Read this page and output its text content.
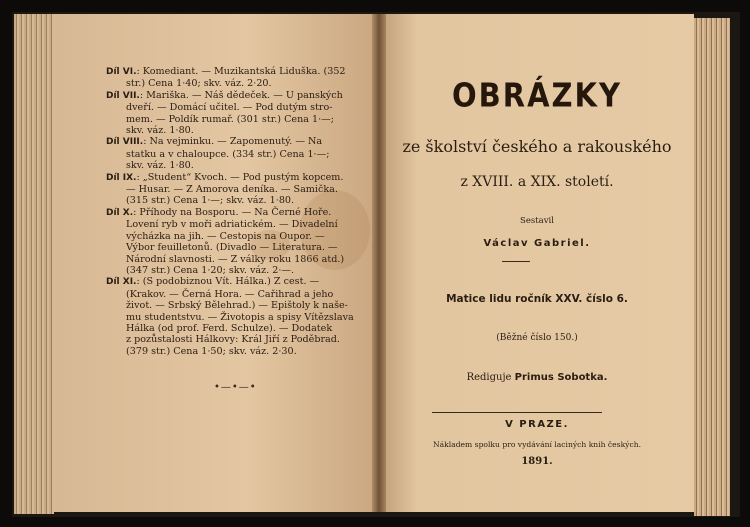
Díl VI.: Komediant. — Muzikantská Liduška. (352
str.) Cena 1·40; skv. váz. 2·20.
Díl VII.: Mariška. — Náš dědeček. — U panských
dveří. — Domácí učitel. — Pod dutým stro-
mem. — Poldík rumař. (301 str.) Cena 1·—;
skv. váz. 1·80.
Díl VIII.: Na vejminku. — Zapomenutý. — Na
statku a v chaloupce. (334 str.) Cena 1·—;
skv. váz. 1·80.
Díl IX.: „Student“ Kvoch. — Pod pustým kopcem.
— Husar. — Z Amorova deníka. — Samička.
(315 str.) Cena 1·—; skv. váz. 1·80.
Díl X.: Příhody na Bosporu. — Na Černé Hoře.
Lovení ryb v moři adriatickém. — Divadelní
výcházka na jih. — Cestopis na Oupor. —
Výbor feuilletonů. (Divadlo — Literatura. —
Národní slavnosti. — Z války roku 1866 atd.)
(347 str.) Cena 1·20; skv. váz. 2·—.
Díl XI.: (S podobiznou Vít. Hálka.) Z cest. —
(Krakov. — Černá Hora. — Cařihrad a jeho
život. — Srbský Bělehrad.) — Epištoly k naše-
mu studentstvu. — Životopis a spisy Vítězslava
Hálka (od prof. Ferd. Schulze). — Dodatek
z pozůstalosti Hálkovy: Král Jiří z Poděbrad.
(379 str.) Cena 1·50; skv. váz. 2·30.
•—•—•
OBRÁZKY
ze školství českého a rakouského
z XVIII. a XIX. století.
Sestavil
Václav Gabriel.
Matice lidu ročník XXV. číslo 6.
(Běžné číslo 150.)
Rediguje Primus Sobotka.
V PRAZE.
Nákladem spolku pro vydávání laciných knih českých.
1891.
